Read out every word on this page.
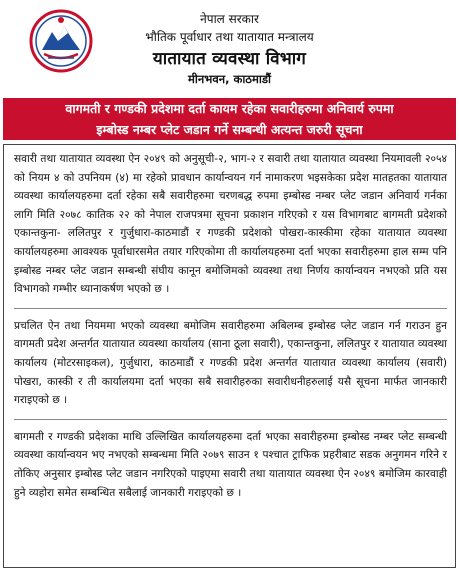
नेपाल सरकार
भौतिक पूर्वाधार तथा यातायात मन्त्रालय
यातायात व्यवस्था विभाग
मीनभवन, काठमाडौं
वागमती र गण्डकी प्रदेशमा दर्ता कायम रहेका सवारीहरुमा अनिवार्य रुपमा
इम्बोस्ड नम्बर प्लेट जडान गर्ने सम्बन्धी अत्यन्त जरुरी सूचना

सवारी तथा यातायात व्यवस्था ऐन २०४९ को अनुसूची-२, भाग-२ र सवारी तथा यातायात व्यवस्था नियमावली २०५४ को नियम ४ को उपनियम (४) मा रहेको प्रावधान कार्यान्वयन गर्न नामाकरण भइसकेका प्रदेश मातहतका यातायात व्यवस्था कार्यालयहरुमा दर्ता रहेका सबै सवारीहरुमा चरणबद्ध रुपमा इम्बोस्ड नम्बर प्लेट जडान अनिवार्य गर्नका लागि मिति २०७८ कातिक २२ को नेपाल राजपत्रमा सूचना प्रकाशन गरिएको र यस विभागबाट बागमती प्रदेशको एकान्तकुना- ललितपुर र गुर्जुधारा-काठमाडौं र गण्डकी प्रदेशको पोखरा-कास्कीमा रहेका यातायात व्यवस्था कार्यालयहरुमा आवश्यक पूर्वाधारसमेत तयार गरिएकोमा ती कार्यालयहरुमा दर्ता भएका सवारीहरुमा हाल सम्म पनि इम्बोस्ड नम्बर प्लेट जडान सम्बन्धी संघीय कानून बमोजिमको व्यवस्था तथा निर्णय कार्यान्वयन नभएको प्रति यस विभागको गम्भीर ध्यानाकर्षण भएको छ ।

प्रचलित ऐन तथा नियममा भएको व्यवस्था बमोजिम सवारीहरुमा अबिलम्ब इम्बोस्ड प्लेट जडान गर्न गराउन हुन वागमती प्रदेश अन्तर्गत यातायात व्यवस्था कार्यालय (साना ठूला सवारी), एकान्तकुना, ललितपुर र यातायात व्यवस्था कार्यालय (मोटरसाइकल), गुर्जुधारा, काठमाडौं र गण्डकी प्रदेश अन्तर्गत यातायात व्यवस्था कार्यालय (सवारी) पोखरा, कास्की र ती कार्यालयमा दर्ता भएका सबै सवारीहरुका सवारीधनीहरुलाई यसै सूचना मार्फत जानकारी गराइएको छ ।

बागमती र गण्डकी प्रदेशका माथि उल्लिखित कार्यालयहरुमा दर्ता भएका सवारीहरुमा इम्बोस्ड नम्बर प्लेट सम्बन्धी व्यवस्था कार्यान्वयन भए नभएको सम्बन्धमा मिति २०७९ साउन १ पश्चात ट्राफिक प्रहरीबाट सडक अनुगमन गरिने र तोकिए अनुसार इम्बोस्ड प्लेट जडान नगरिएको पाइएमा सवारी तथा यातायात व्यवस्था ऐन २०४९ बमोजिम कारवाही हुने व्यहोरा समेत सम्बन्धित सबैलाई जानकारी गराइएको छ ।
